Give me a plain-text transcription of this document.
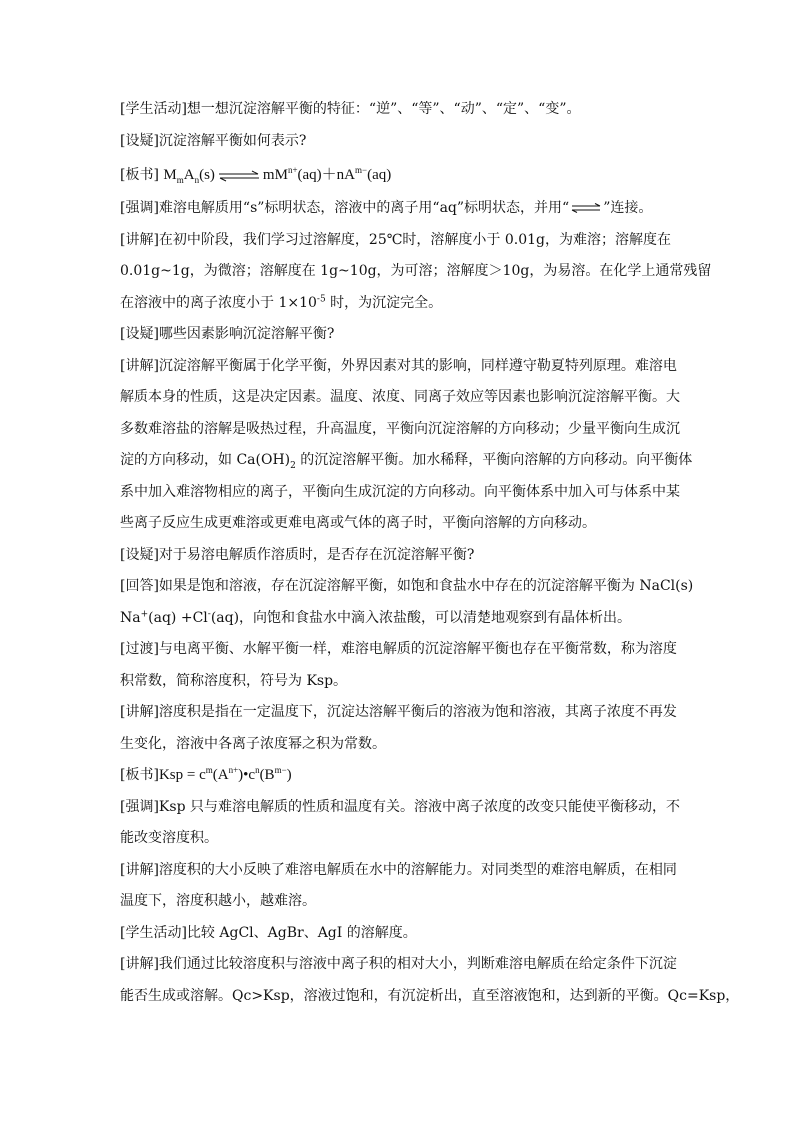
[学生活动]想一想沉淀溶解平衡的特征：“逆”、“等”、“动”、“定”、“变”。

[设疑]沉淀溶解平衡如何表示?

[板书] $M_mA_n(s)$ ⇌ $mM^{n+}(aq)+nA^{m-}(aq)$

[强调]难溶电解质用“s”标明状态，溶液中的离子用“aq”标明状态，并用“ ⇌ ”连接。

[讲解]在初中阶段，我们学习过溶解度，25℃时，溶解度小于 0.01g，为难溶；溶解度在

0.01g~1g，为微溶；溶解度在 1g~10g，为可溶；溶解度＞10g，为易溶。在化学上通常残留

在溶液中的离子浓度小于 $1\times 10^{-5}$ 时，为沉淀完全。

[设疑]哪些因素影响沉淀溶解平衡?

[讲解]沉淀溶解平衡属于化学平衡，外界因素对其的影响，同样遵守勒夏特列原理。难溶电

解质本身的性质，这是决定因素。温度、浓度、同离子效应等因素也影响沉淀溶解平衡。大

多数难溶盐的溶解是吸热过程，升高温度，平衡向沉淀溶解的方向移动；少量平衡向生成沉

淀的方向移动，如 $Ca(OH)_2$ 的沉淀溶解平衡。加水稀释，平衡向溶解的方向移动。向平衡体

系中加入难溶物相应的离子，平衡向生成沉淀的方向移动。向平衡体系中加入可与体系中某

些离子反应生成更难溶或更难电离或气体的离子时，平衡向溶解的方向移动。

[设疑]对于易溶电解质作溶质时，是否存在沉淀溶解平衡?

[回答]如果是饱和溶液，存在沉淀溶解平衡，如饱和食盐水中存在的沉淀溶解平衡为 NaCl(s)

Na+(aq) +Cl-(aq)，向饱和食盐水中滴入浓盐酸，可以清楚地观察到有晶体析出。

[过渡]与电离平衡、水解平衡一样，难溶电解质的沉淀溶解平衡也存在平衡常数，称为溶度

积常数，简称溶度积，符号为 Ksp。

[讲解]溶度积是指在一定温度下，沉淀达溶解平衡后的溶液为饱和溶液，其离子浓度不再发

生变化，溶液中各离子浓度幂之积为常数。

[板书]$Ksp = c^m(A^{n+})•c^n(B^{m-})$

[强调]Ksp 只与难溶电解质的性质和温度有关。溶液中离子浓度的改变只能使平衡移动，不

能改变溶度积。

[讲解]溶度积的大小反映了难溶电解质在水中的溶解能力。对同类型的难溶电解质，在相同

温度下，溶度积越小，越难溶。

[学生活动]比较 AgCl、AgBr、AgI 的溶解度。

[讲解]我们通过比较溶度积与溶液中离子积的相对大小，判断难溶电解质在给定条件下沉淀

能否生成或溶解。Qc>Ksp，溶液过饱和，有沉淀析出，直至溶液饱和，达到新的平衡。Qc=Ksp，
